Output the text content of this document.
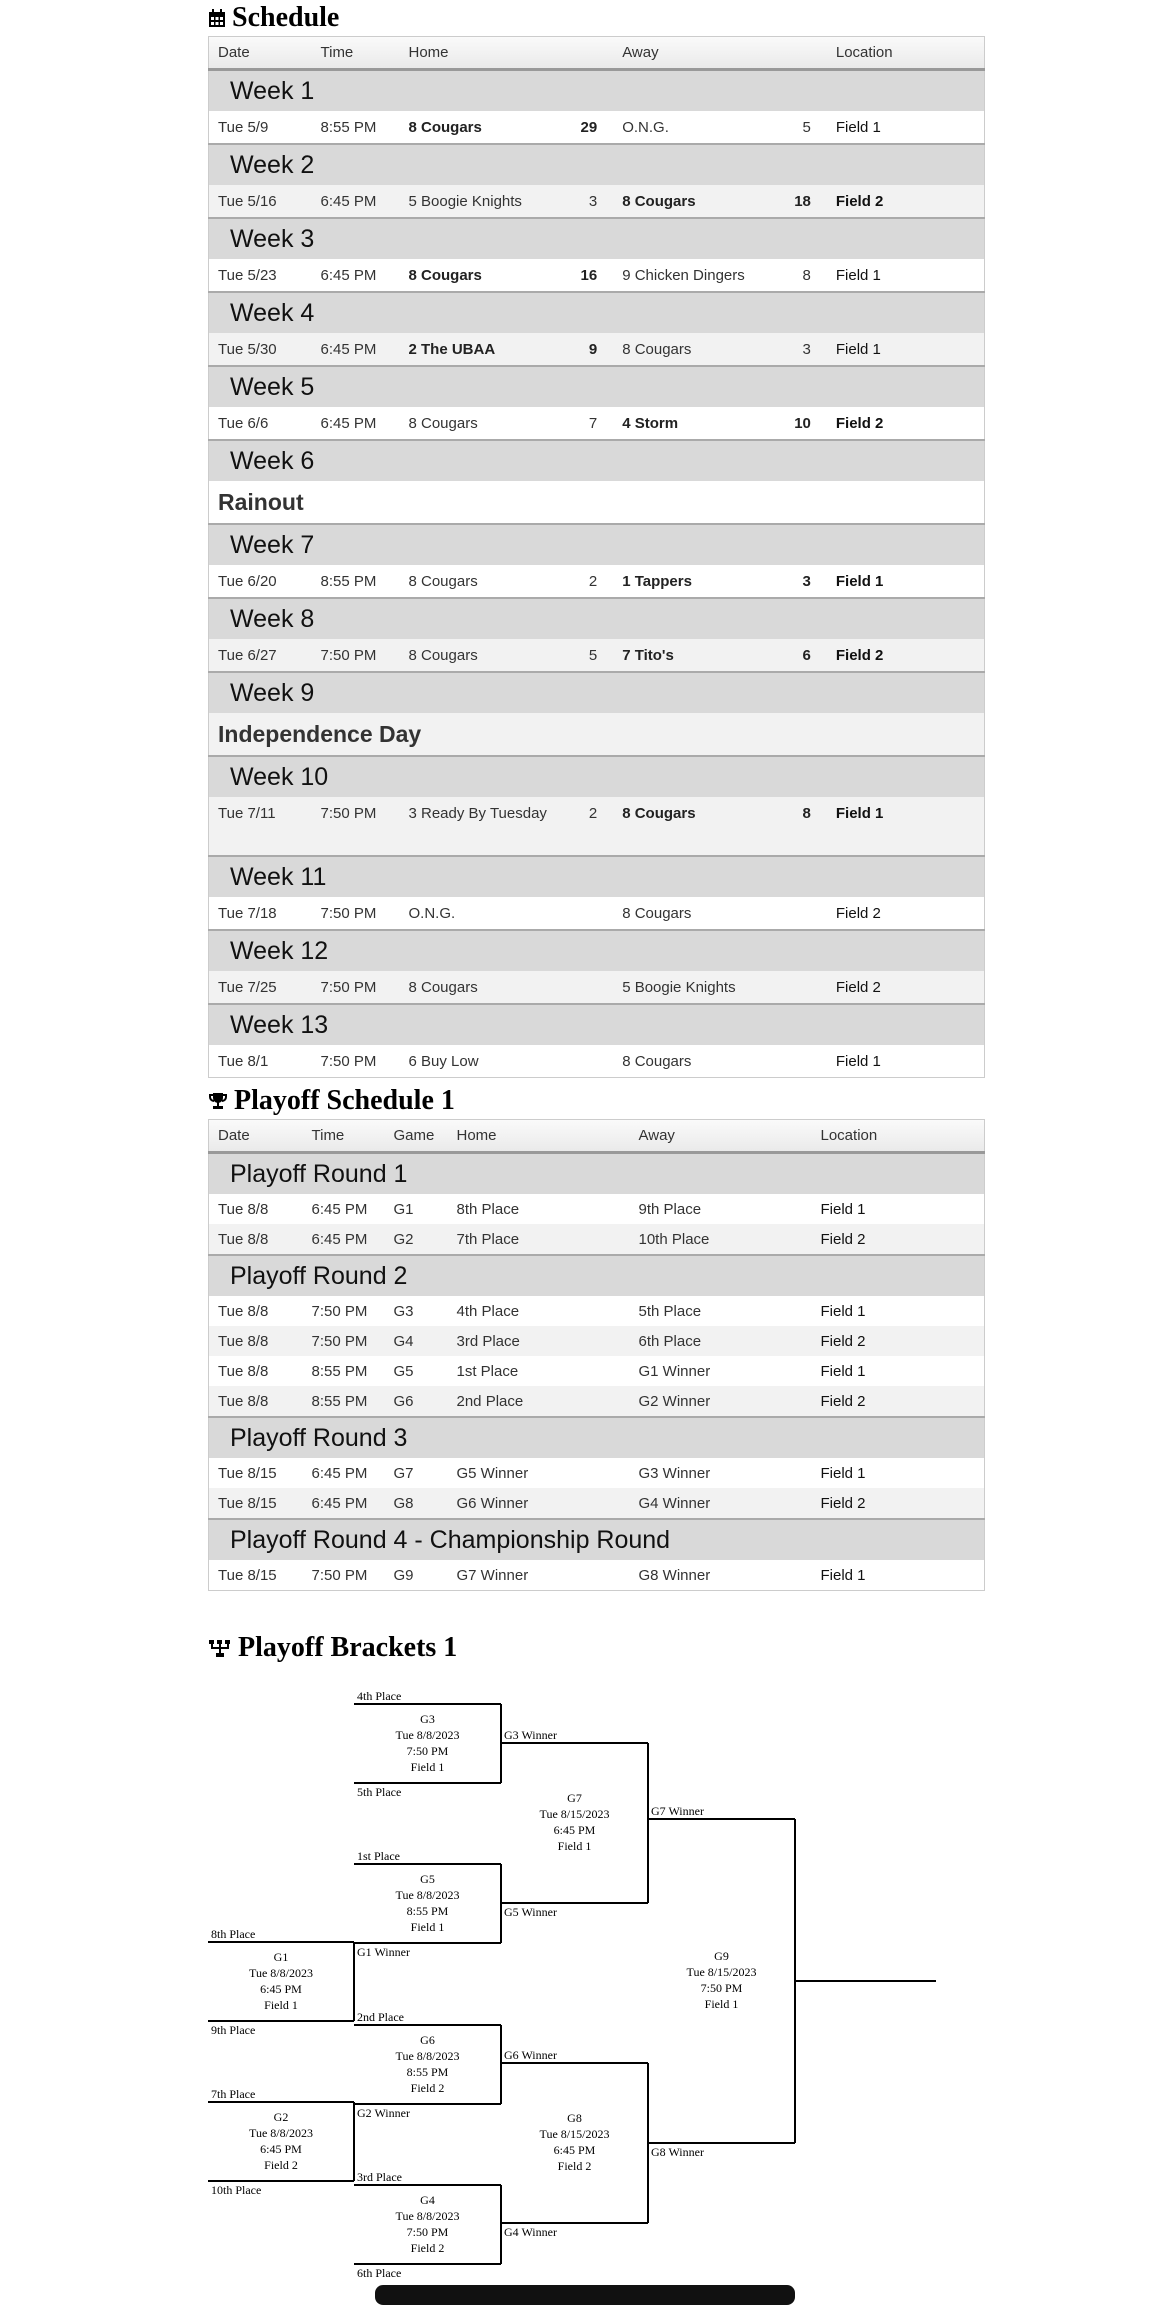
Schedule
Date	Time	Home		Away		Location
Week 1						
Tue 5/9	8:55 PM	8 Cougars	29	O.N.G.	5	Field 1
Week 2						
Tue 5/16	6:45 PM	5 Boogie Knights	3	8 Cougars	18	Field 2
Week 3						
Tue 5/23	6:45 PM	8 Cougars	16	9 Chicken Dingers	8	Field 1
Week 4						
Tue 5/30	6:45 PM	2 The UBAA	9	8 Cougars	3	Field 1
Week 5						
Tue 6/6	6:45 PM	8 Cougars	7	4 Storm	10	Field 2
Week 6						
Rainout						
Week 7						
Tue 6/20	8:55 PM	8 Cougars	2	1 Tappers	3	Field 1
Week 8						
Tue 6/27	7:50 PM	8 Cougars	5	7 Tito's	6	Field 2
Week 9						
Independence Day						
Week 10						
Tue 7/11	7:50 PM	3 Ready By Tuesday	2	8 Cougars	8	Field 1
Week 11						
Tue 7/18	7:50 PM	O.N.G.		8 Cougars		Field 2
Week 12						
Tue 7/25	7:50 PM	8 Cougars		5 Boogie Knights		Field 2
Week 13						
Tue 8/1	7:50 PM	6 Buy Low		8 Cougars		Field 1
Playoff Schedule 1
Date	Time	Game	Home	Away	Location
Playoff Round 1					
Tue 8/8	6:45 PM	G1	8th Place	9th Place	Field 1
Tue 8/8	6:45 PM	G2	7th Place	10th Place	Field 2
Playoff Round 2					
Tue 8/8	7:50 PM	G3	4th Place	5th Place	Field 1
Tue 8/8	7:50 PM	G4	3rd Place	6th Place	Field 2
Tue 8/8	8:55 PM	G5	1st Place	G1 Winner	Field 1
Tue 8/8	8:55 PM	G6	2nd Place	G2 Winner	Field 2
Playoff Round 3					
Tue 8/15	6:45 PM	G7	G5 Winner	G3 Winner	Field 1
Tue 8/15	6:45 PM	G8	G6 Winner	G4 Winner	Field 2
Playoff Round 4 - Championship Round					
Tue 8/15	7:50 PM	G9	G7 Winner	G8 Winner	Field 1
Playoff Brackets 1
4th Place
5th Place
G3
Tue 8/8/2023
7:50 PM
Field 1
1st Place
G1 Winner
G5
Tue 8/8/2023
8:55 PM
Field 1
8th Place
9th Place
G1
Tue 8/8/2023
6:45 PM
Field 1
2nd Place
G2 Winner
G6
Tue 8/8/2023
8:55 PM
Field 2
7th Place
10th Place
G2
Tue 8/8/2023
6:45 PM
Field 2
3rd Place
6th Place
G4
Tue 8/8/2023
7:50 PM
Field 2
G3 Winner
G5 Winner
G7
Tue 8/15/2023
6:45 PM
Field 1
G6 Winner
G4 Winner
G8
Tue 8/15/2023
6:45 PM
Field 2
G7 Winner
G8 Winner
G9
Tue 8/15/2023
7:50 PM
Field 1
